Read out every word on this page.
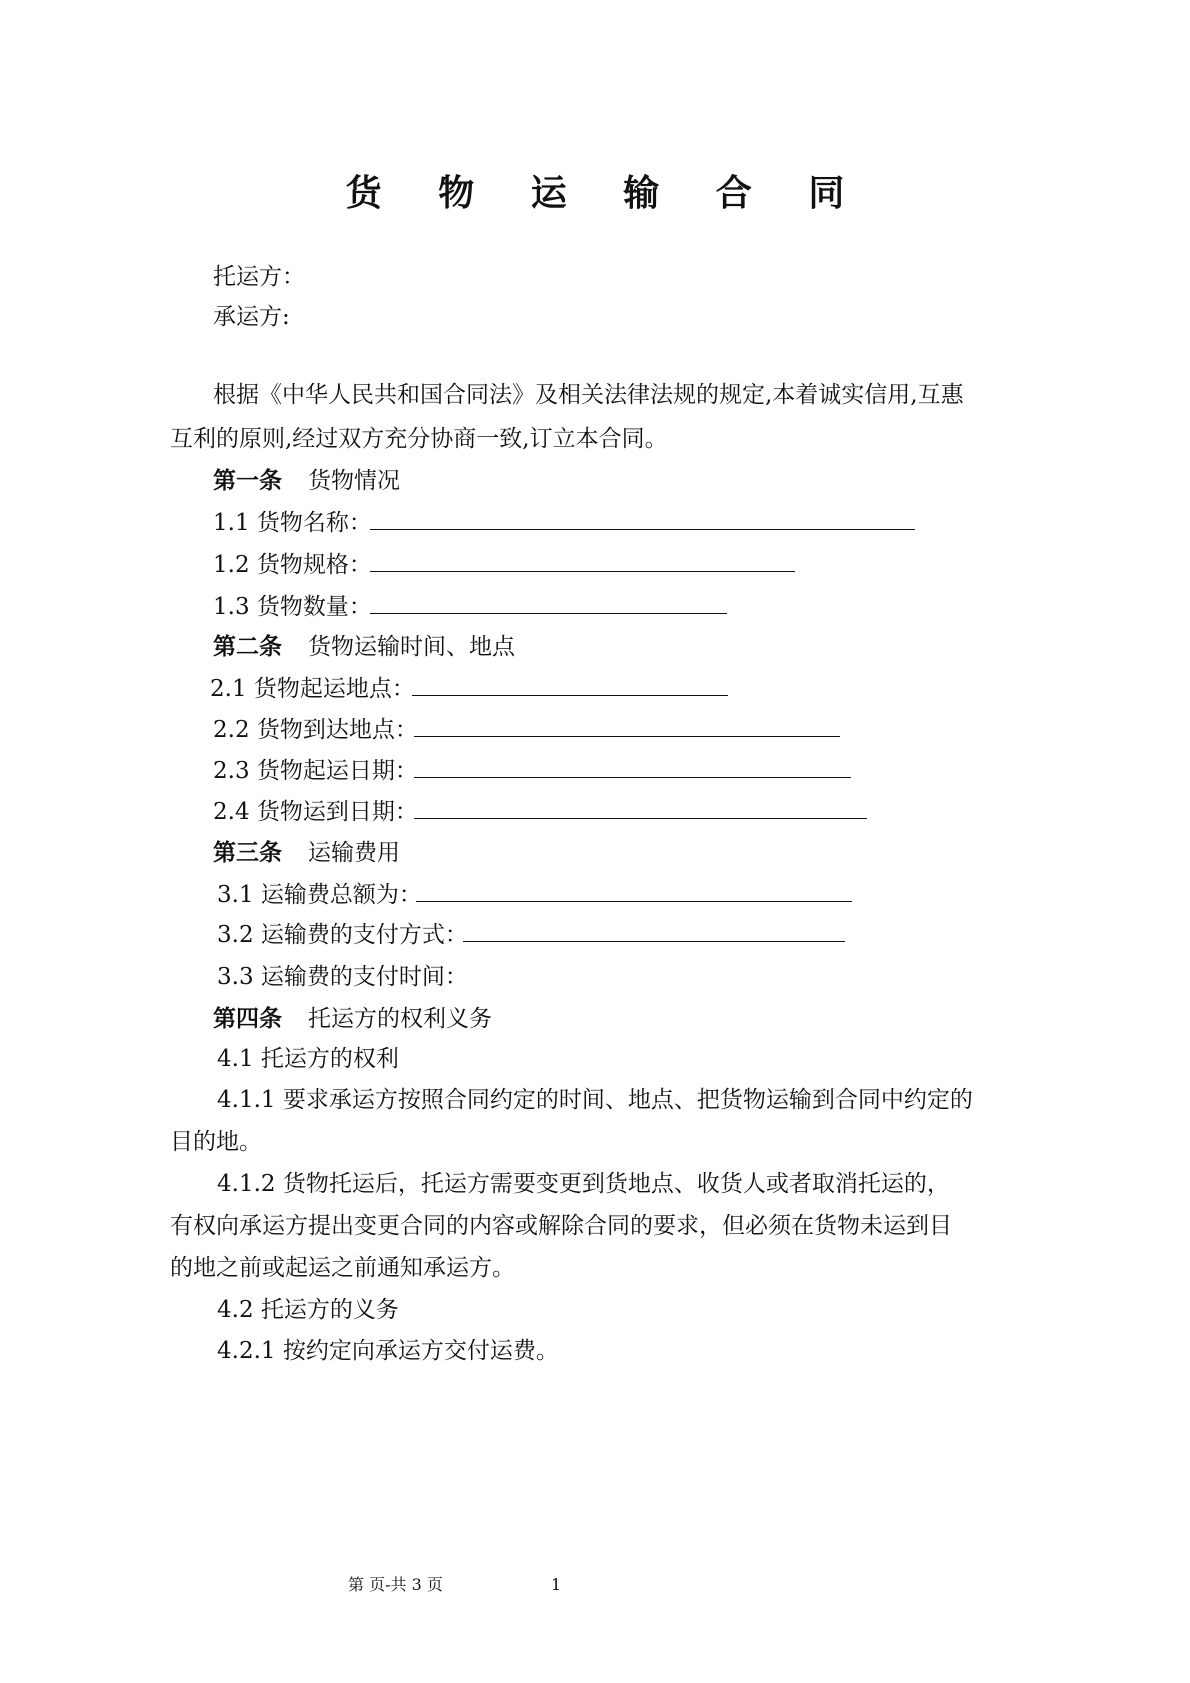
货 物 运 输 合 同
托运方：
承运方:
根据《中华人民共和国合同法》及相关法律法规的规定,本着诚实信用,互惠
互利的原则,经过双方充分协商一致,订立本合同。
第一条 货物情况
1.1 货物名称：
1.2 货物规格：
1.3 货物数量：
第二条 货物运输时间、地点
2.1 货物起运地点：
2.2 货物到达地点：
2.3 货物起运日期：
2.4 货物运到日期：
第三条 运输费用
3.1 运输费总额为：
3.2 运输费的支付方式：
3.3 运输费的支付时间：
第四条 托运方的权利义务
4.1 托运方的权利
4.1.1 要求承运方按照合同约定的时间、地点、把货物运输到合同中约定的
目的地。
4.1.2 货物托运后，托运方需要变更到货地点、收货人或者取消托运的，
有权向承运方提出变更合同的内容或解除合同的要求，但必须在货物未运到目
的地之前或起运之前通知承运方。
4.2 托运方的义务
4.2.1 按约定向承运方交付运费。
第 页-共 3 页	1
